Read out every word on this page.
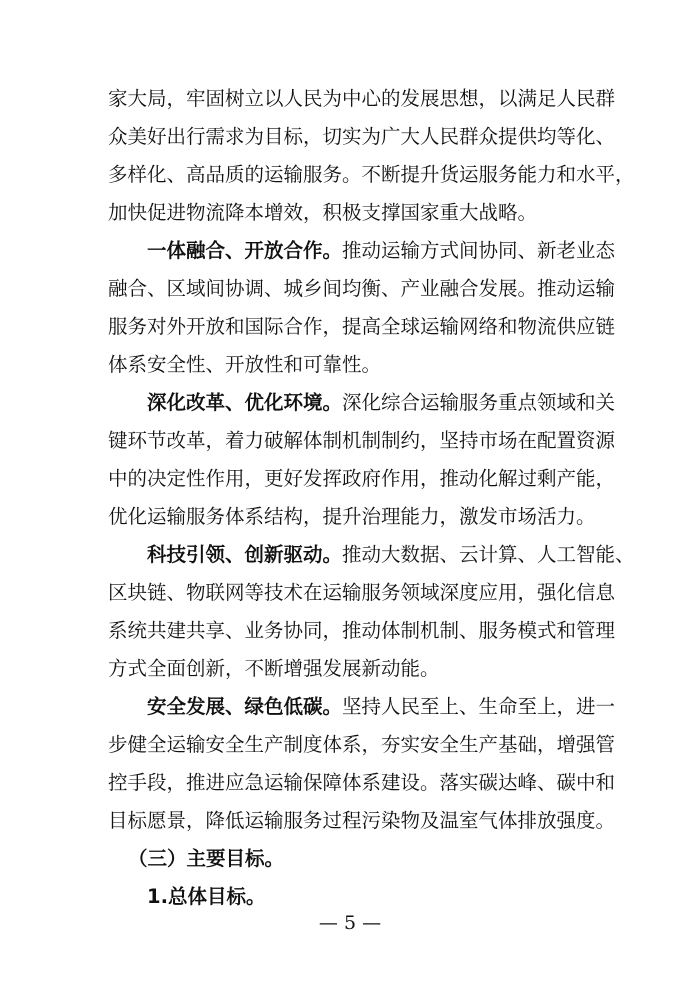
家大局，牢固树立以人民为中心的发展思想，以满足人民群
众美好出行需求为目标，切实为广大人民群众提供均等化、
多样化、高品质的运输服务。不断提升货运服务能力和水平，
加快促进物流降本增效，积极支撑国家重大战略。
一体融合、开放合作。推动运输方式间协同、新老业态
融合、区域间协调、城乡间均衡、产业融合发展。推动运输
服务对外开放和国际合作，提高全球运输网络和物流供应链
体系安全性、开放性和可靠性。
深化改革、优化环境。深化综合运输服务重点领域和关
键环节改革，着力破解体制机制制约，坚持市场在配置资源
中的决定性作用，更好发挥政府作用，推动化解过剩产能，
优化运输服务体系结构，提升治理能力，激发市场活力。
科技引领、创新驱动。推动大数据、云计算、人工智能、
区块链、物联网等技术在运输服务领域深度应用，强化信息
系统共建共享、业务协同，推动体制机制、服务模式和管理
方式全面创新，不断增强发展新动能。
安全发展、绿色低碳。坚持人民至上、生命至上，进一
步健全运输安全生产制度体系，夯实安全生产基础，增强管
控手段，推进应急运输保障体系建设。落实碳达峰、碳中和
目标愿景，降低运输服务过程污染物及温室气体排放强度。
（三）主要目标。
1.总体目标。
— 5 —
